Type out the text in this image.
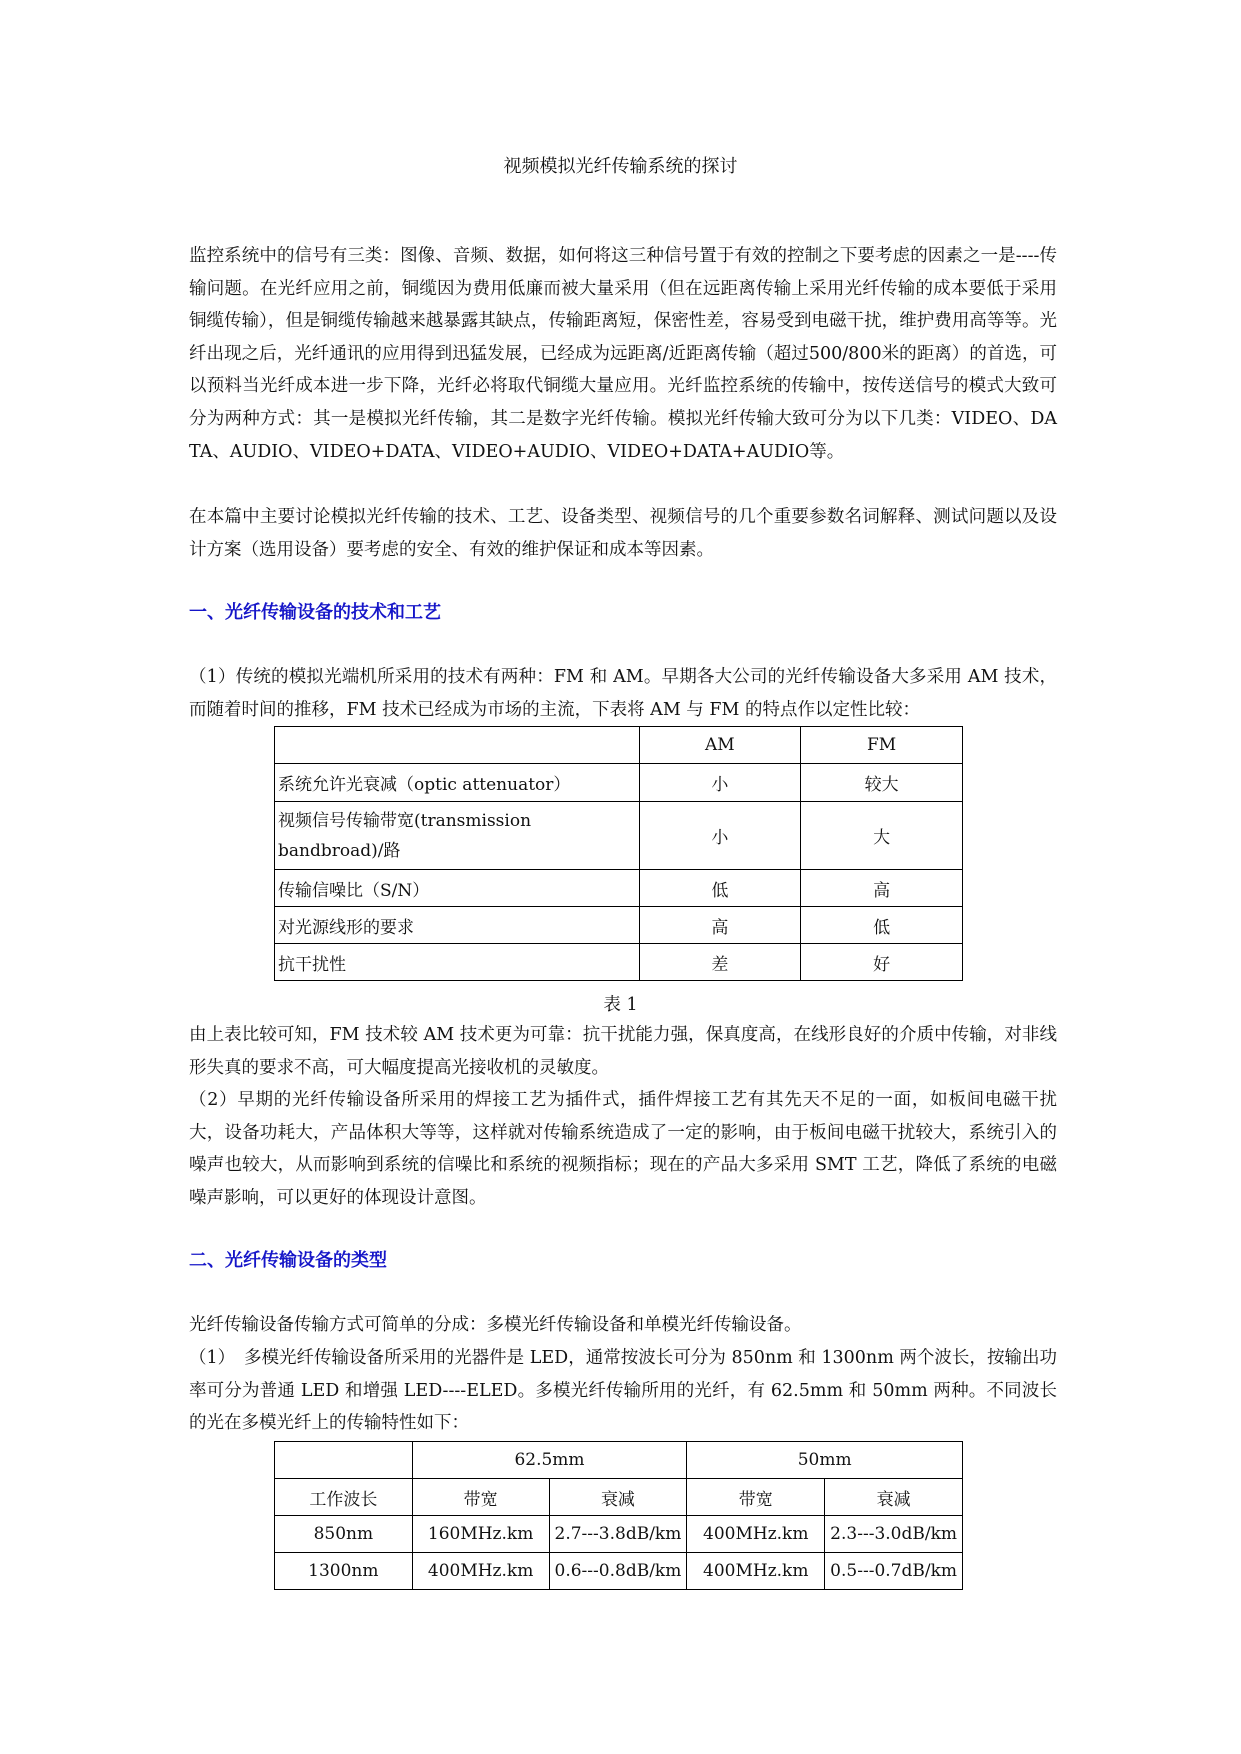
视频模拟光纤传输系统的探讨

监控系统中的信号有三类：图像、音频、数据，如何将这三种信号置于有效的控制之下要考虑的因素之一是----传输问题。在光纤应用之前，铜缆因为费用低廉而被大量采用（但在远距离传输上采用光纤传输的成本要低于采用铜缆传输），但是铜缆传输越来越暴露其缺点，传输距离短，保密性差，容易受到电磁干扰，维护费用高等等。光纤出现之后，光纤通讯的应用得到迅猛发展，已经成为远距离/近距离传输（超过500/800米的距离）的首选，可以预料当光纤成本进一步下降，光纤必将取代铜缆大量应用。光纤监控系统的传输中，按传送信号的模式大致可分为两种方式：其一是模拟光纤传输，其二是数字光纤传输。模拟光纤传输大致可分为以下几类：VIDEO、DATA、AUDIO、VIDEO+DATA、VIDEO+AUDIO、VIDEO+DATA+AUDIO等。

在本篇中主要讨论模拟光纤传输的技术、工艺、设备类型、视频信号的几个重要参数名词解释、测试问题以及设计方案（选用设备）要考虑的安全、有效的维护保证和成本等因素。

一、光纤传输设备的技术和工艺

（1）传统的模拟光端机所采用的技术有两种：FM 和 AM。早期各大公司的光纤传输设备大多采用 AM 技术，而随着时间的推移，FM 技术已经成为市场的主流，下表将 AM 与 FM 的特点作以定性比较：

	AM	FM
系统允许光衰减（optic attenuator）	小	较大
视频信号传输带宽(transmission bandbroad)/路	小	大
传输信噪比（S/N）	低	高
对光源线形的要求	高	低
抗干扰性	差	好
表 1

由上表比较可知，FM 技术较 AM 技术更为可靠：抗干扰能力强，保真度高，在线形良好的介质中传输，对非线形失真的要求不高，可大幅度提高光接收机的灵敏度。

（2）早期的光纤传输设备所采用的焊接工艺为插件式，插件焊接工艺有其先天不足的一面，如板间电磁干扰大，设备功耗大，产品体积大等等，这样就对传输系统造成了一定的影响，由于板间电磁干扰较大，系统引入的噪声也较大，从而影响到系统的信噪比和系统的视频指标；现在的产品大多采用 SMT 工艺，降低了系统的电磁噪声影响，可以更好的体现设计意图。

二、光纤传输设备的类型

光纤传输设备传输方式可简单的分成：多模光纤传输设备和单模光纤传输设备。

（1）　多模光纤传输设备所采用的光器件是 LED，通常按波长可分为 850nm 和 1300nm 两个波长，按输出功率可分为普通 LED 和增强 LED----ELED。多模光纤传输所用的光纤，有 62.5mm 和 50mm 两种。不同波长的光在多模光纤上的传输特性如下：

	62.5mm		50mm	
工作波长	带宽	衰减	带宽	衰减
850nm	160MHz.km	2.7---3.8dB/km	400MHz.km	2.3---3.0dB/km
1300nm	400MHz.km	0.6---0.8dB/km	400MHz.km	0.5---0.7dB/km
